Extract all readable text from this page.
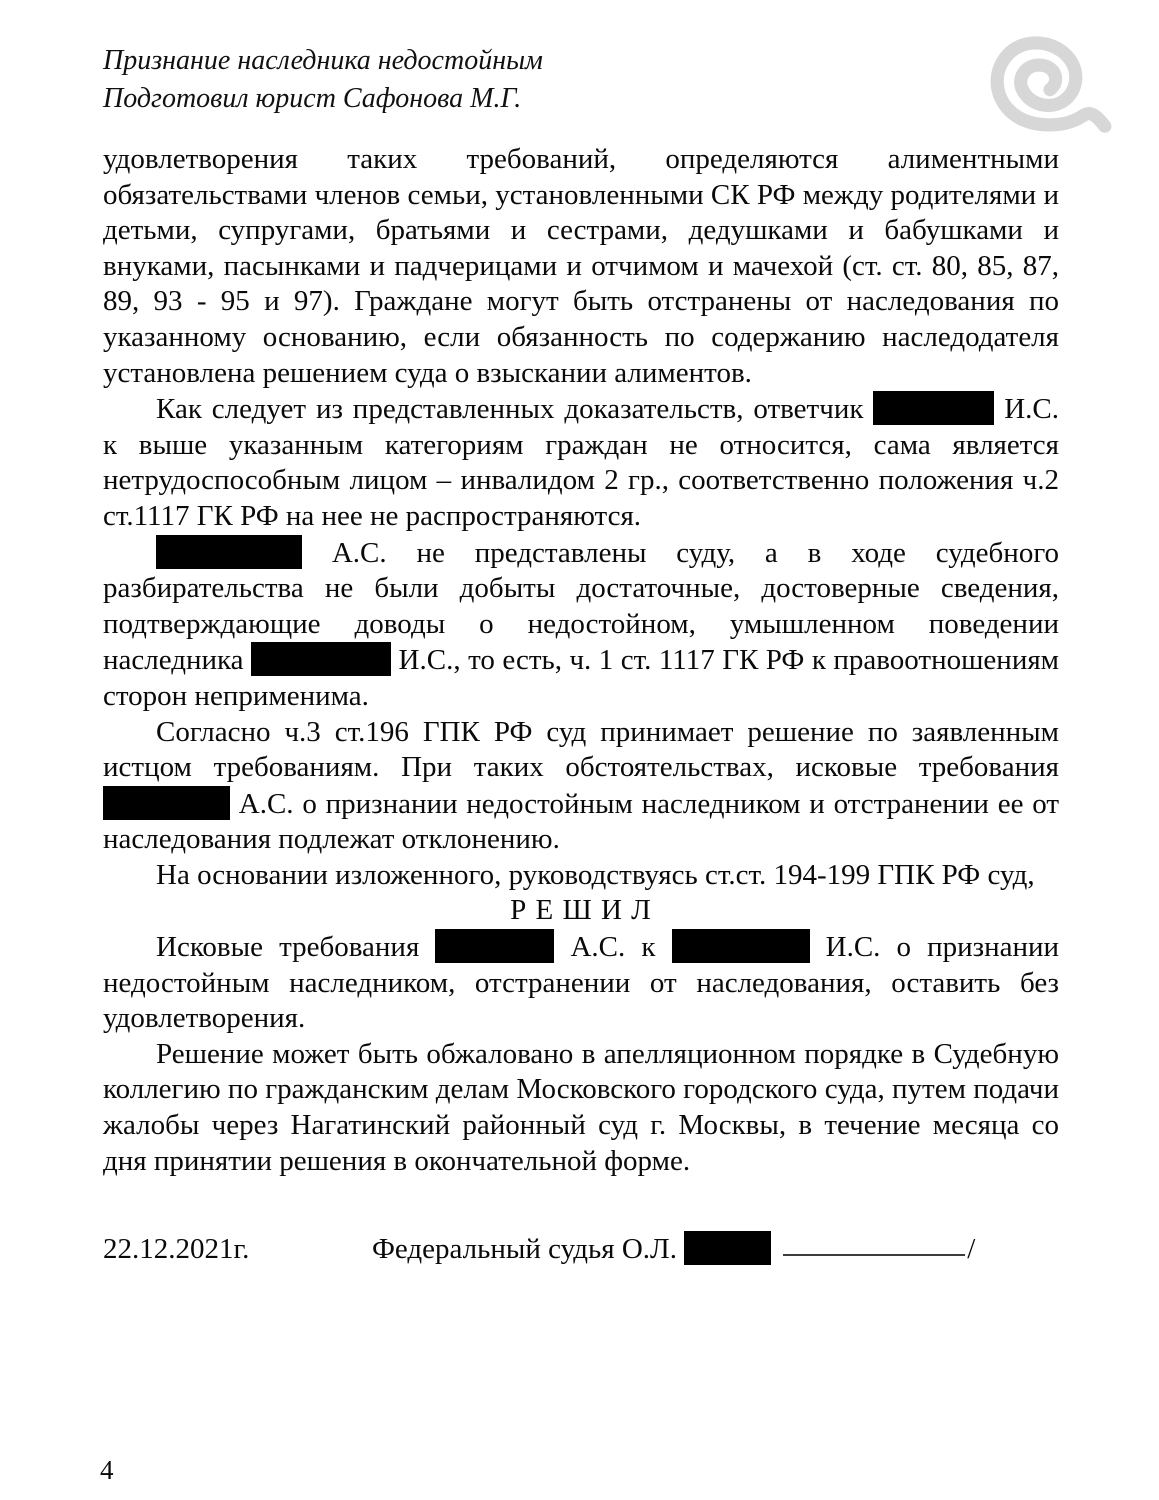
Признание наследника недостойным
Подготовил юрист Сафонова М.Г.

удовлетворения таких требований, определяются алиментными обязательствами членов семьи, установленными СК РФ между родителями и детьми, супругами, братьями и сестрами, дедушками и бабушками и внуками, пасынками и падчерицами и отчимом и мачехой (ст. ст. 80, 85, 87, 89, 93 - 95 и 97). Граждане могут быть отстранены от наследования по указанному основанию, если обязанность по содержанию наследодателя установлена решением суда о взыскании алиментов.

Как следует из представленных доказательств, ответчик	И.С. к выше указанным категориям граждан не относится, сама является нетрудоспособным лицом – инвалидом 2 гр., соответственно положения ч.2 ст.1117 ГК РФ на нее не распространяются.

А.С. не представлены суду, а в ходе судебного разбирательства не были добыты достаточные, достоверные сведения, подтверждающие доводы о недостойном, умышленном поведении наследника	И.С., то есть, ч. 1 ст. 1117 ГК РФ к правоотношениям сторон неприменима.

Согласно ч.3 ст.196 ГПК РФ суд принимает решение по заявленным истцом требованиям. При таких обстоятельствах, исковые требования  А.С. о признании недостойным наследником и отстранении ее от наследования подлежат отклонению.

На основании изложенного, руководствуясь ст.ст. 194-199 ГПК РФ суд,

Р Е Ш И Л

Исковые требования	А.С. к	И.С. о признании недостойным наследником, отстранении от наследования, оставить без удовлетворения.

Решение может быть обжаловано в апелляционном порядке в Судебную коллегию по гражданским делам Московского городского суда, путем подачи жалобы через Нагатинский районный суд г. Москвы, в течение месяца со дня принятии решения в окончательной форме.

22.12.2021г.	Федеральный судья О.Л.	/
4
